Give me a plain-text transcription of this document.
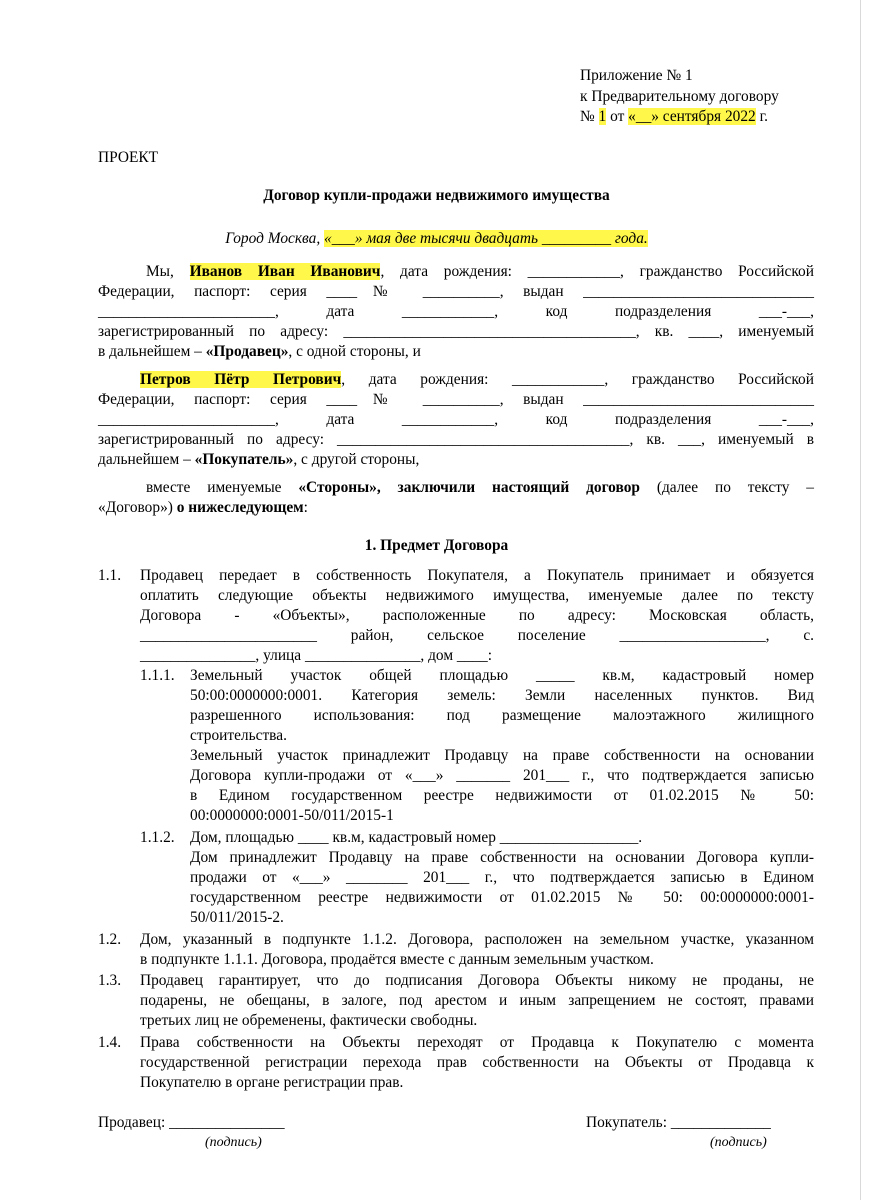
Приложение № 1
к Предварительному договору
№ 1 от «__» сентября 2022 г.
ПРОЕКТ
Договор купли-продажи недвижимого имущества
Город Москва, «___» мая две тысячи двадцать _________ года.
Мы, Иванов Иван Иванович, дата рождения: ____________, гражданство Российской
Федерации, паспорт: серия ____№ __________, выдан ______________________________
_______________________, дата ____________, код подразделения ___-___,
зарегистрированный по адресу: ______________________________________, кв. ____, именуемый
в дальнейшем – «Продавец», с одной стороны, и
Петров Пётр Петрович, дата рождения: ____________, гражданство Российской
Федерации, паспорт: серия ____№ __________, выдан ______________________________
_______________________, дата ____________, код подразделения ___-___,
зарегистрированный по адресу: ______________________________________, кв. ___, именуемый в
дальнейшем – «Покупатель», с другой стороны,
вместе именуемые «Стороны», заключили настоящий договор (далее по тексту –
«Договор») о нижеследующем:
1. Предмет Договора
1.1. Продавец передает в собственность Покупателя, а Покупатель принимает и обязуется
оплатить следующие объекты недвижимого имущества, именуемые далее по тексту
Договора - «Объекты», расположенные по адресу: Московская область,
_______________________ район, сельское поселение ___________________, с.
_______________, улица _______________, дом ____:
1.1.1. Земельный участок общей площадью _____ кв.м, кадастровый номер
50:00:0000000:0001. Категория земель: Земли населенных пунктов. Вид
разрешенного использования: под размещение малоэтажного жилищного
строительства.
Земельный участок принадлежит Продавцу на праве собственности на основании
Договора купли-продажи от «___» _______ 201___ г., что подтверждается записью
в Едином государственном реестре недвижимости от 01.02.2015 № 50:
00:0000000:0001-50/011/2015-1
1.1.2. Дом, площадью ____ кв.м, кадастровый номер __________________.
Дом принадлежит Продавцу на праве собственности на основании Договора купли-
продажи от «___» ________ 201___ г., что подтверждается записью в Едином
государственном реестре недвижимости от 01.02.2015 № 50: 00:0000000:0001-
50/011/2015-2.
1.2. Дом, указанный в подпункте 1.1.2. Договора, расположен на земельном участке, указанном
в подпункте 1.1.1. Договора, продаётся вместе с данным земельным участком.
1.3. Продавец гарантирует, что до подписания Договора Объекты никому не проданы, не
подарены, не обещаны, в залоге, под арестом и иным запрещением не состоят, правами
третьих лиц не обременены, фактически свободны.
1.4. Права собственности на Объекты переходят от Продавца к Покупателю с момента
государственной регистрации перехода прав собственности на Объекты от Продавца к
Покупателю в органе регистрации прав.
Продавец: _______________
(подпись)
Покупатель: _____________
(подпись)
